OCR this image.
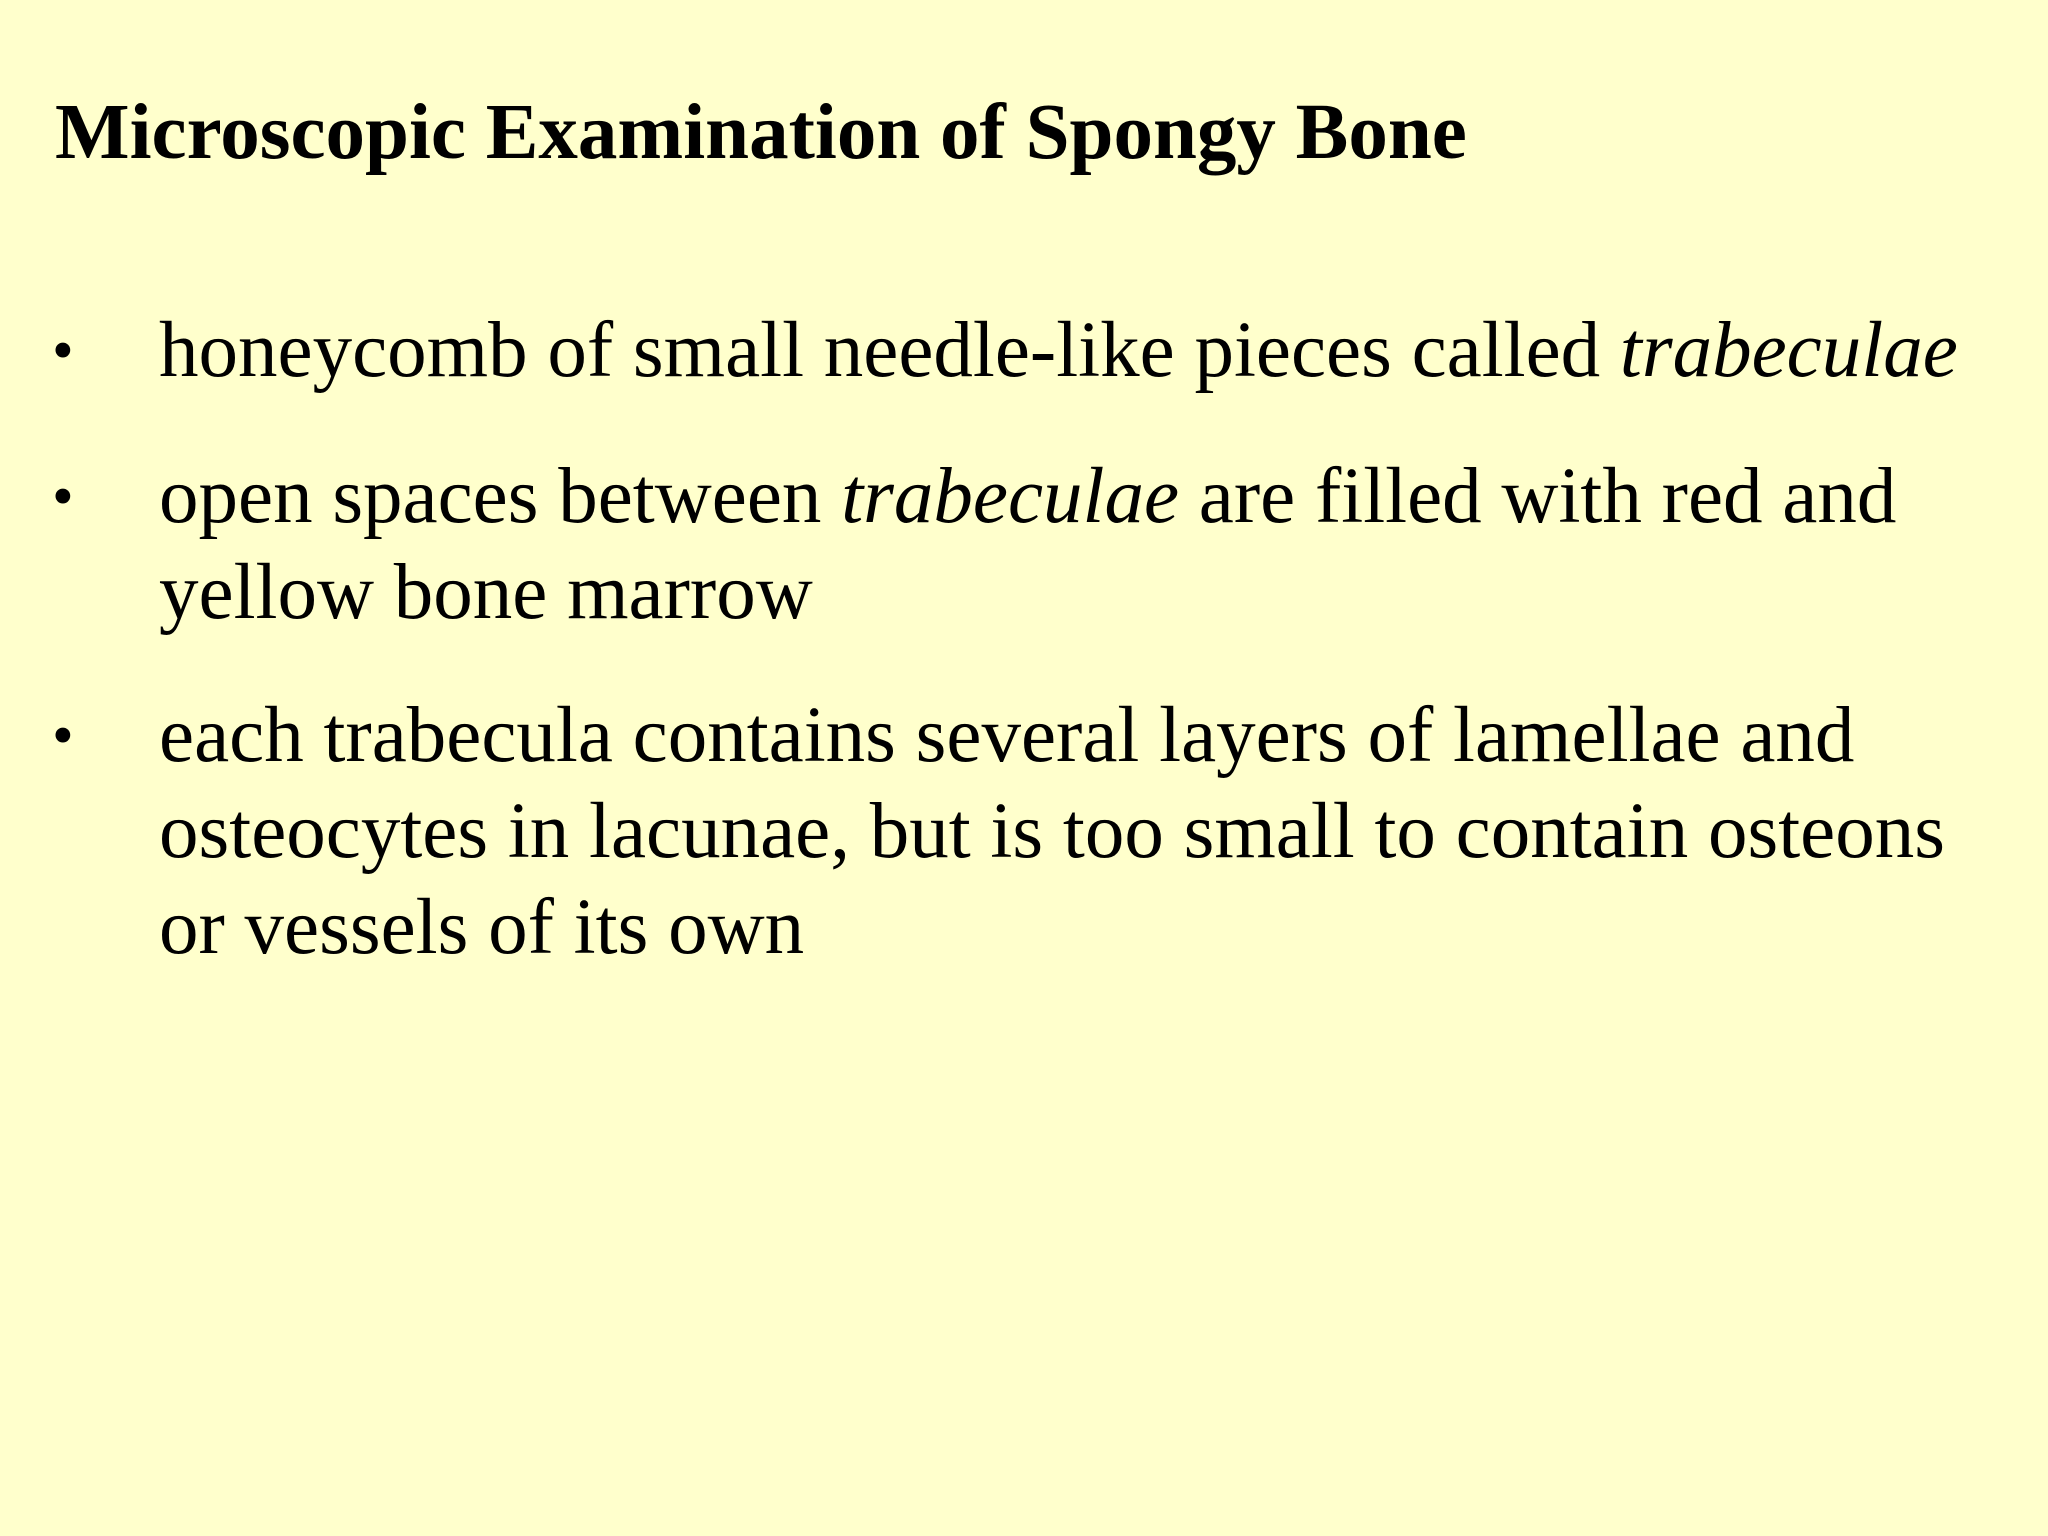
Microscopic Examination of Spongy Bone
• honeycomb of small needle-like pieces called trabeculae
• open spaces between trabeculae are filled with red and
yellow bone marrow
• each trabecula contains several layers of lamellae and
osteocytes in lacunae, but is too small to contain osteons
or vessels of its own
